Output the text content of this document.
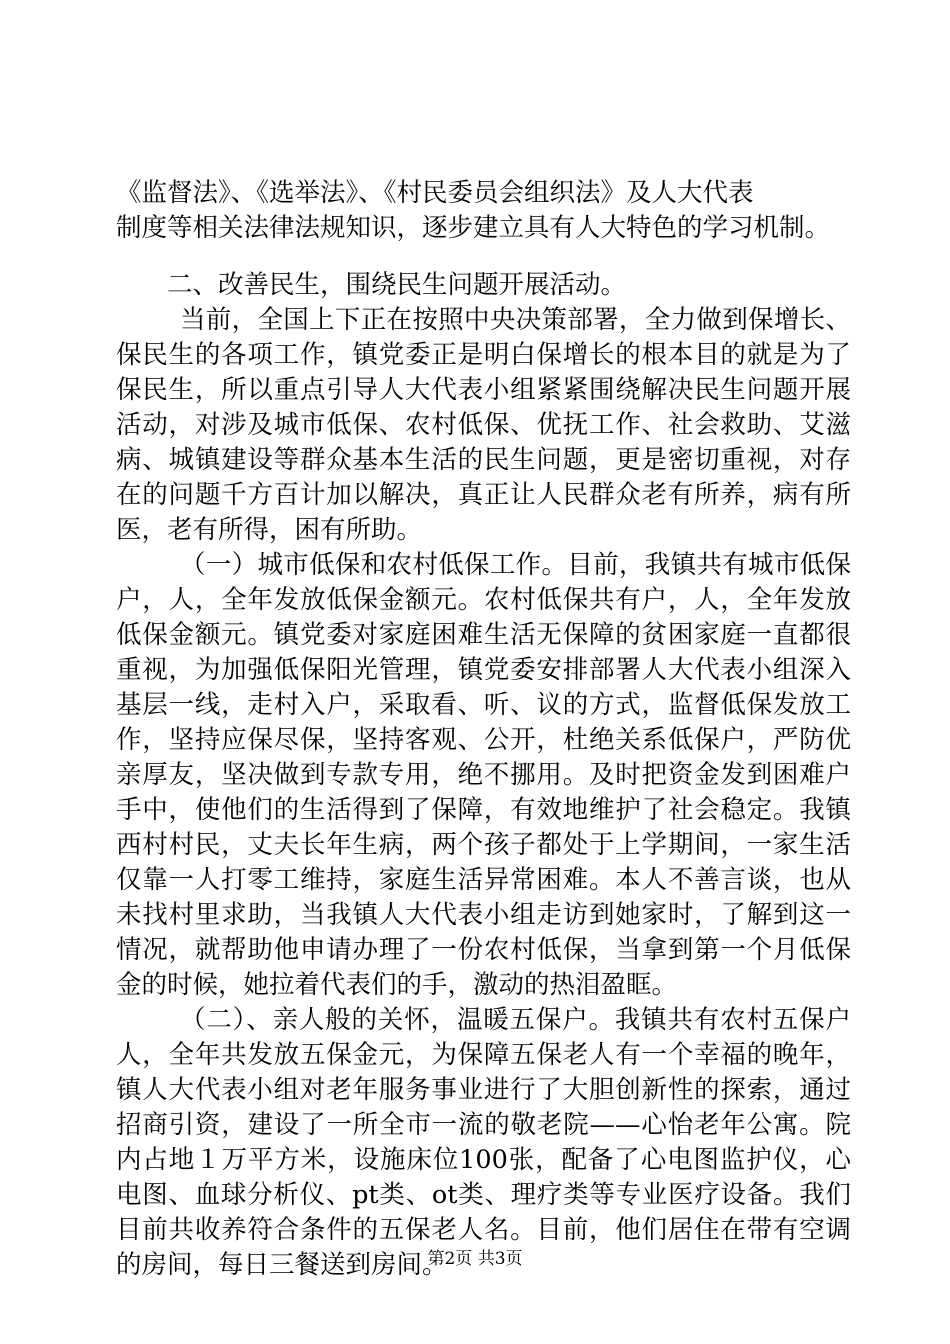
《监督法》、《选举法》、《村民委员会组织法》及人大代表
制度等相关法律法规知识，逐步建立具有人大特色的学习机制。

二、改善民生，围绕民生问题开展活动。

当前，全国上下正在按照中央决策部署，全力做到保增长、保民生的各项工作，镇党委正是明白保增长的根本目的就是为了保民生，所以重点引导人大代表小组紧紧围绕解决民生问题开展活动，对涉及城市低保、农村低保、优抚工作、社会救助、艾滋病、城镇建设等群众基本生活的民生问题，更是密切重视，对存在的问题千方百计加以解决，真正让人民群众老有所养，病有所医，老有所得，困有所助。

（一）城市低保和农村低保工作。目前，我镇共有城市低保户，人，全年发放低保金额元。农村低保共有户，人，全年发放低保金额元。镇党委对家庭困难生活无保障的贫困家庭一直都很重视，为加强低保阳光管理，镇党委安排部署人大代表小组深入基层一线，走村入户，采取看、听、议的方式，监督低保发放工作，坚持应保尽保，坚持客观、公开，杜绝关系低保户，严防优亲厚友，坚决做到专款专用，绝不挪用。及时把资金发到困难户手中，使他们的生活得到了保障，有效地维护了社会稳定。我镇西村村民，丈夫长年生病，两个孩子都处于上学期间，一家生活仅靠一人打零工维持，家庭生活异常困难。本人不善言谈，也从未找村里求助，当我镇人大代表小组走访到她家时，了解到这一情况，就帮助他申请办理了一份农村低保，当拿到第一个月低保金的时候，她拉着代表们的手，激动的热泪盈眶。

（二）、亲人般的关怀，温暖五保户。我镇共有农村五保户人，全年共发放五保金元，为保障五保老人有一个幸福的晚年，镇人大代表小组对老年服务事业进行了大胆创新性的探索，通过招商引资，建设了一所全市一流的敬老院——心怡老年公寓。院内占地１万平方米，设施床位100张，配备了心电图监护仪，心电图、血球分析仪、pt类、ot类、理疗类等专业医疗设备。我们目前共收养符合条件的五保老人名。目前，他们居住在带有空调的房间，每日三餐送到房间。

第2页 共3页
